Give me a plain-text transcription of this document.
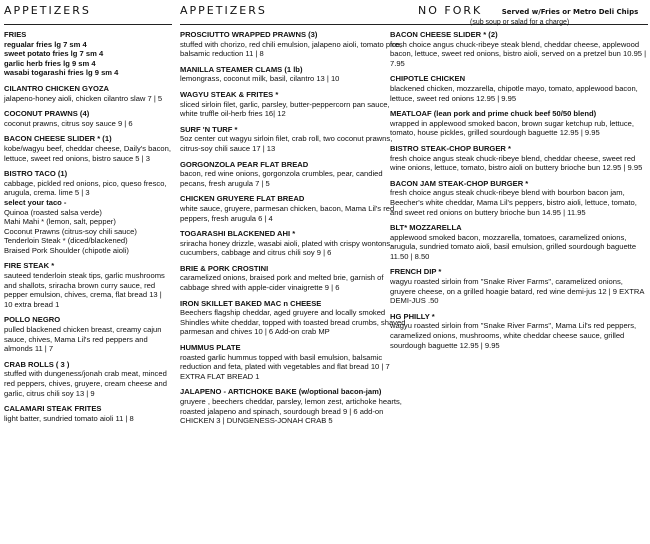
APPETIZERS
FRIES
regualar fries lg 7 sm 4
sweet potato fries lg 7 sm 4
garlic herb fries lg 9 sm 4
wasabi togarashi fries lg 9 sm 4
CILANTRO CHICKEN GYOZA
jalapeno-honey aioli, chicken cilantro slaw 7 | 5
COCONUT PRAWNS (4)
coconut prawns, citrus soy sauce 9 | 6
BACON CHEESE SLIDER * (1)
kobe/wagyu beef, cheddar cheese, Daily's bacon, lettuce, sweet red onions, bistro sauce 5 | 3
BISTRO TACO (1)
cabbage, pickled red onions, pico, queso fresco, arugula, crema. lime 5 | 3
select your taco -
Quinoa (roasted salsa verde)
Mahi Mahi * (lemon, salt, pepper)
Coconut Prawns (citrus-soy chili sauce)
Tenderloin Steak * (diced/blackened)
Braised Pork Shoulder (chipotle aioli)
FIRE STEAK *
sauteed tenderloin steak tips, garlic mushrooms and shallots, sriracha brown curry sauce, red pepper emulsion, chives, crema, flat bread 13 | 10 extra bread 1
POLLO NEGRO
pulled blackened chicken breast, creamy cajun sauce, chives, Mama Lil's red peppers and almonds 11 | 7
CRAB ROLLS ( 3 )
stuffed with dungeness/jonah crab meat, minced red peppers, chives, gruyere, cream cheese and garlic, citrus chili soy 13 | 9
CALAMARI STEAK FRITES
light batter, sundried tomato aioli 11 | 8
APPETIZERS
PROSCIUTTO WRAPPED PRAWNS (3)
stuffed with chorizo, red chili emulsion, jalapeno aioli, tomato pico, balsamic reduction 11 | 8
MANILLA STEAMER CLAMS (1 lb)
lemongrass, coconut milk, basil, cilantro 13 | 10
WAGYU STEAK & FRITES *
sliced sirloin filet, garlic, parsley, butter-peppercorn pan sauce, white truffle oil-herb fries 16| 12
SURF 'N TURF *
5oz center cut wagyu sirloin filet, crab roll, two coconut prawns, citrus-soy chili sauce 17 | 13
GORGONZOLA PEAR FLAT BREAD
bacon, red wine onions, gorgonzola crumbles, pear, candied pecans, fresh arugula 7 | 5
CHICKEN GRUYERE FLAT BREAD
white sauce, gruyere, parmesan chicken, bacon, Mama Lil's red peppers, fresh arugula 6 | 4
TOGARASHI BLACKENED AHI *
sriracha honey drizzle, wasabi aioli, plated with crispy wontons, cucumbers, cabbage and citrus chili soy 9 | 6
BRIE & PORK CROSTINI
caramelized onions, braised pork and melted brie, garnish of cabbage shred with apple-cider vinaigrette 9 | 6
IRON SKILLET BAKED MAC n CHEESE
Beechers flagship cheddar, aged gruyere and locally smoked Shindles white cheddar, topped with toasted bread crumbs, shaved parmesan and chives 10 | 6 Add-on crab MP
HUMMUS PLATE
roasted garlic hummus topped with basil emulsion, balsamic reduction and feta, plated with vegetables and flat bread 10 | 7 EXTRA FLAT BREAD 1
JALAPENO - ARTICHOKE BAKE (w/optional bacon-jam)
gruyere , beechers cheddar, parsley, lemon zest, artichoke hearts, roasted jalapeno and spinach, sourdough bread 9 | 6 add-on CHICKEN 3 | DUNGENESS-JONAH CRAB 5
NO FORK	Served w/Fries or Metro Deli Chips
BACON CHEESE SLIDER * (2)
fresh choice angus chuck-ribeye steak blend, cheddar cheese, applewood bacon, lettuce, sweet red onions, bistro aioli, served on a pretzel bun 10.95 | 7.95
CHIPOTLE CHICKEN
blackened chicken, mozzarella, chipotle mayo, tomato, applewood bacon, lettuce, sweet red onions 12.95 | 9.95
MEATLOAF (lean pork and prime chuck beef 50/50 blend)
wrapped in applewood smoked bacon, brown sugar ketchup rub, lettuce, tomato, house pickles, grilled sourdough baguette 12.95 | 9.95
BISTRO STEAK-CHOP BURGER *
fresh choice angus steak chuck-ribeye blend, cheddar cheese, sweet red wine onions, lettuce, tomato, bistro aioli on buttery brioche bun 12.95 | 9.95
BACON JAM STEAK-CHOP BURGER *
fresh choice angus steak chuck-ribeye blend with bourbon bacon jam, Beecher's white cheddar, Mama Lil's peppers, bistro aioli, lettuce, tomato, and sweet red onions on buttery brioche bun 14.95 | 11.95
BLT* MOZZARELLA
applewood smoked bacon, mozzarella, tomatoes, caramelized onions, arugula, sundried tomato aioli, basil emulsion, grilled sourdough baguette 11.50 | 8.50
FRENCH DIP *
wagyu roasted sirloin from "Snake River Farms", caramelized onions, gruyere cheese, on a grilled hoagie batard, red wine demi-jus 12 | 9 EXTRA DEMI-JUS .50
HG PHILLY *
wagyu roasted sirloin from "Snake River Farms", Mama Lil's red peppers, caramelized onions, mushrooms, white cheddar cheese sauce, grilled sourdough baguette 12.95 | 9.95
(sub soup or salad for a charge)
